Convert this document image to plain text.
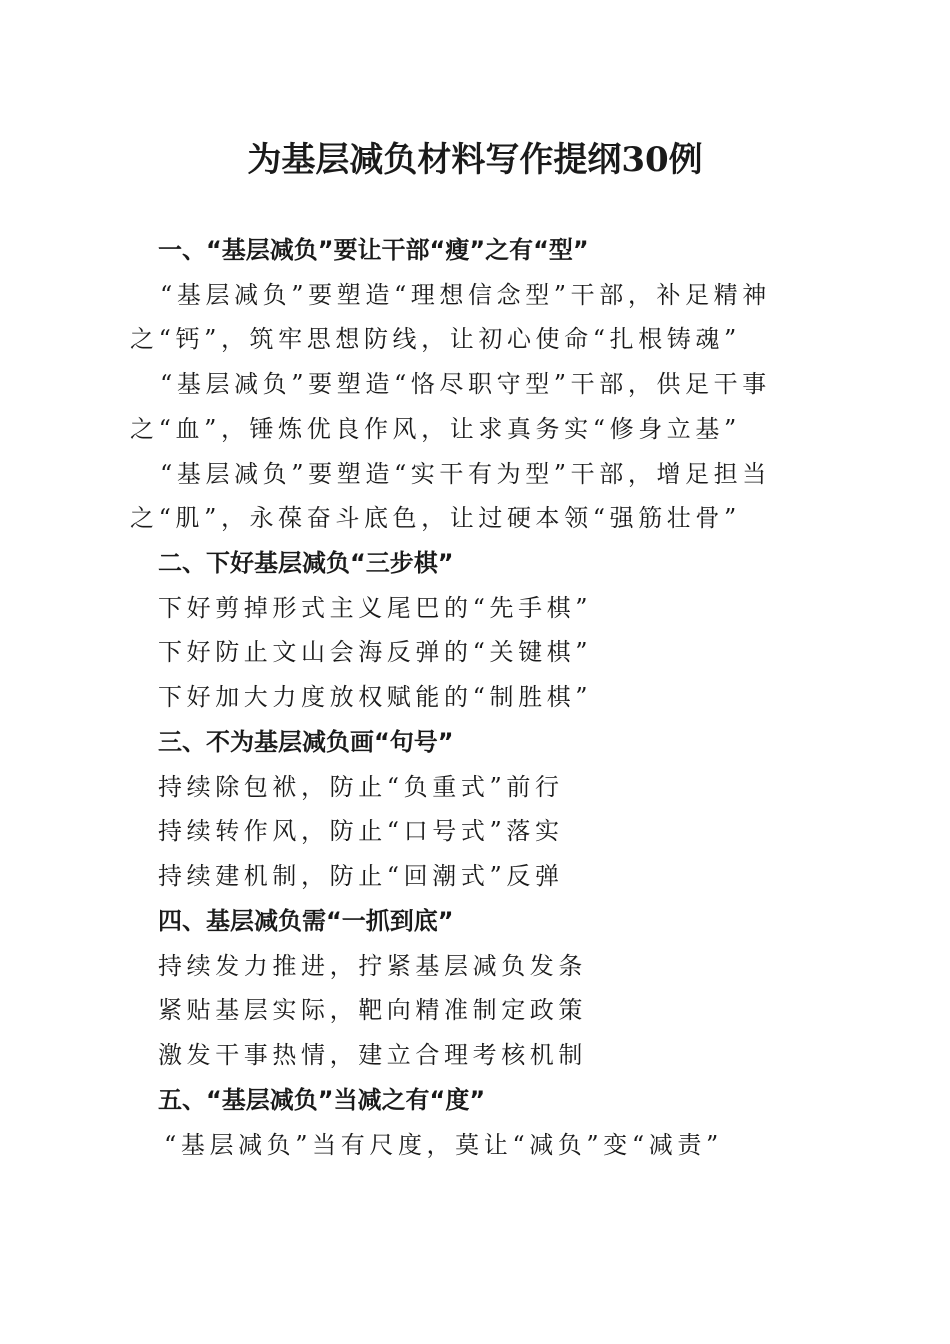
为基层减负材料写作提纲30例
一、“基层减负”要让干部“瘦”之有“型”

“基层减负”要塑造“理想信念型”干部，补足精神之“钙”，筑牢思想防线，让初心使命“扎根铸魂”

“基层减负”要塑造“恪尽职守型”干部，供足干事之“血”，锤炼优良作风，让求真务实“修身立基”

“基层减负”要塑造“实干有为型”干部，增足担当之“肌”，永葆奋斗底色，让过硬本领“强筋壮骨”

二、下好基层减负“三步棋”
下好剪掉形式主义尾巴的“先手棋”
下好防止文山会海反弹的“关键棋”
下好加大力度放权赋能的“制胜棋”
三、不为基层减负画“句号”
持续除包袱，防止“负重式”前行
持续转作风，防止“口号式”落实
持续建机制，防止“回潮式”反弹
四、基层减负需“一抓到底”
持续发力推进，拧紧基层减负发条
紧贴基层实际，靶向精准制定政策
激发干事热情，建立合理考核机制
五、“基层减负”当减之有“度”
“基层减负”当有尺度，莫让“减负”变“减责”
